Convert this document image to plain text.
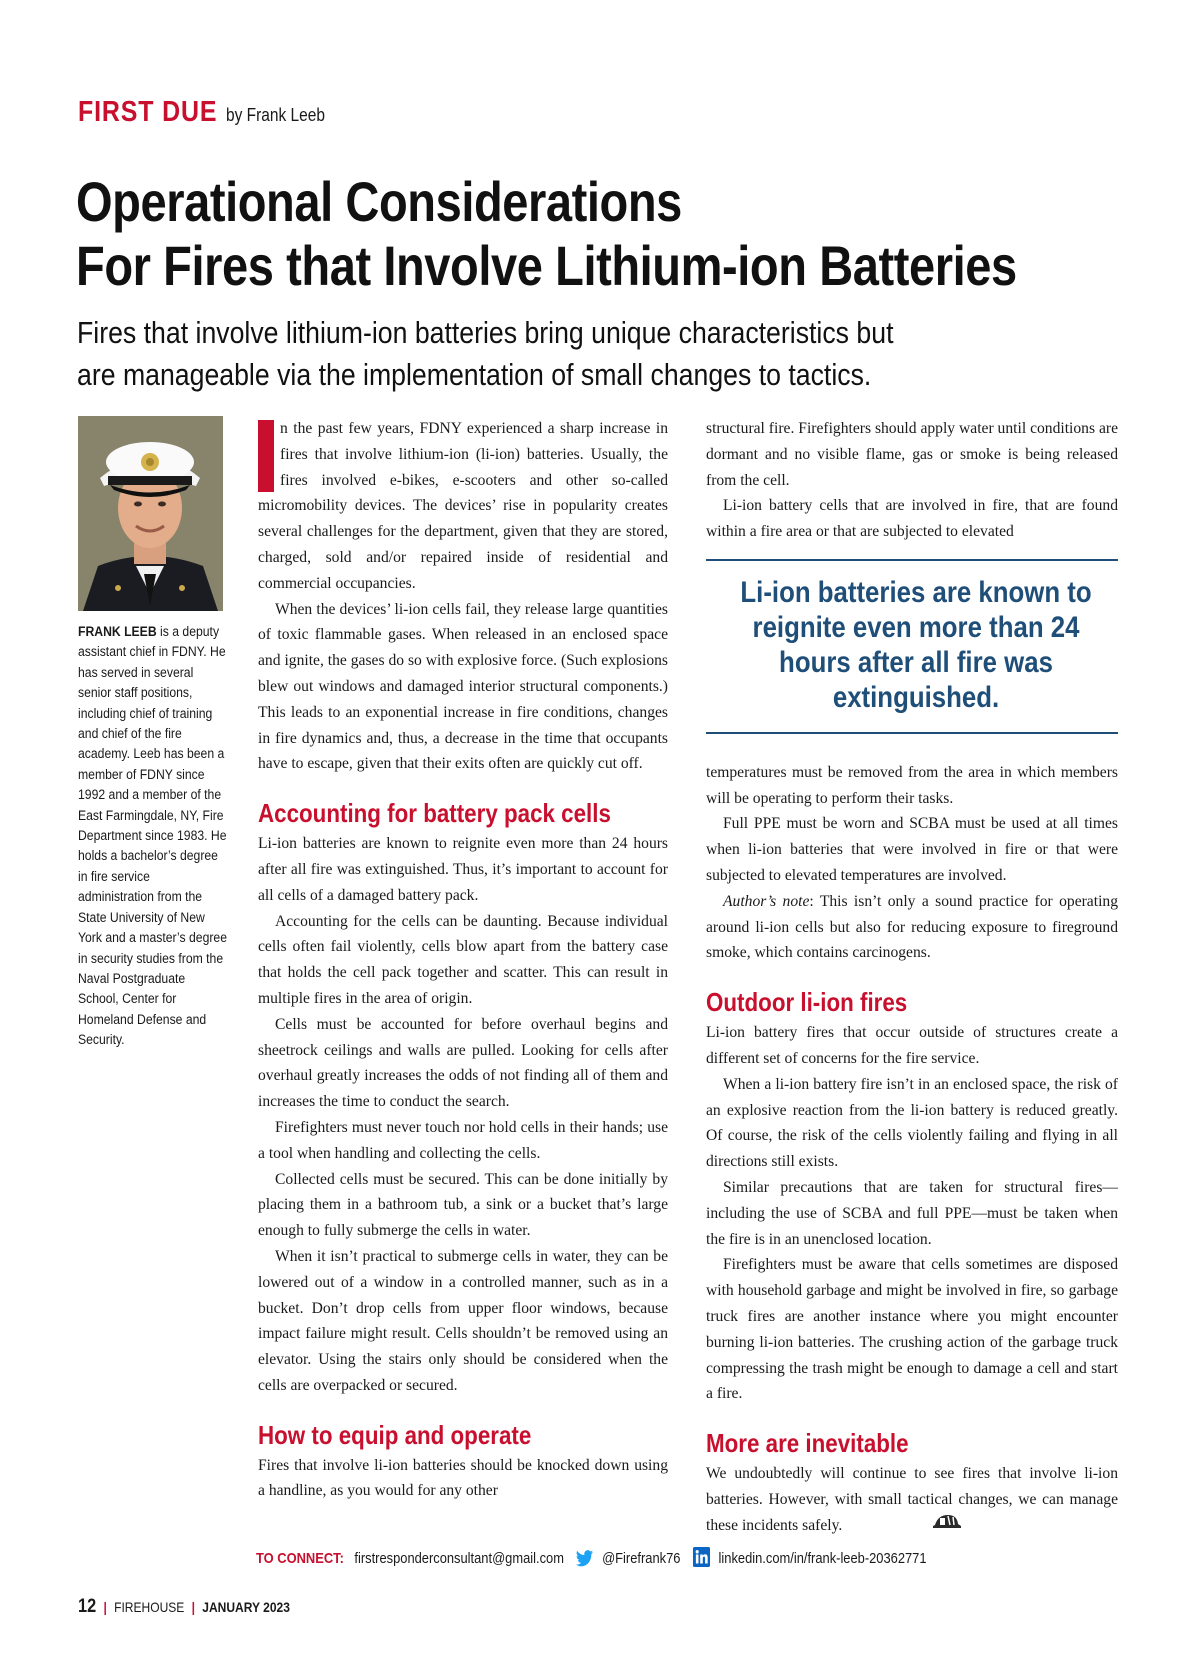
FIRST DUE by Frank Leeb
Operational Considerations
For Fires that Involve Lithium-ion Batteries

Fires that involve lithium-ion batteries bring unique characteristics but
are manageable via the implementation of small changes to tactics.

FRANK LEEB is a deputy assistant chief in FDNY. He has served in several senior staff positions, including chief of training and chief of the fire academy. Leeb has been a member of FDNY since 1992 and a member of the East Farmingdale, NY, Fire Department since 1983. He holds a bachelor’s degree in fire service administration from the State University of New York and a master’s degree in security studies from the Naval Postgraduate School, Center for Homeland Defense and Security.

n the past few years, FDNY experienced a sharp increase in fires that involve lithium-ion (li-ion) batteries. Usually, the fires involved e-bikes, e-scooters and other so-called micromobility devices. The devices’ rise in popularity creates several challenges for the department, given that they are stored, charged, sold and/or repaired inside of residential and commercial occupancies.

When the devices’ li-ion cells fail, they release large quantities of toxic flammable gases. When released in an enclosed space and ignite, the gases do so with explosive force. (Such explosions blew out windows and damaged interior structural components.) This leads to an exponential increase in fire conditions, changes in fire dynamics and, thus, a decrease in the time that occupants have to escape, given that their exits often are quickly cut off.

Accounting for battery pack cells

Li-ion batteries are known to reignite even more than 24 hours after all fire was extinguished. Thus, it’s important to account for all cells of a damaged battery pack.

Accounting for the cells can be daunting. Because individual cells often fail violently, cells blow apart from the battery case that holds the cell pack together and scatter. This can result in multiple fires in the area of origin.

Cells must be accounted for before overhaul begins and sheetrock ceilings and walls are pulled. Looking for cells after overhaul greatly increases the odds of not finding all of them and increases the time to conduct the search.

Firefighters must never touch nor hold cells in their hands; use a tool when handling and collecting the cells.

Collected cells must be secured. This can be done initially by placing them in a bathroom tub, a sink or a bucket that’s large enough to fully submerge the cells in water.

When it isn’t practical to submerge cells in water, they can be lowered out of a window in a controlled manner, such as in a bucket. Don’t drop cells from upper floor windows, because impact failure might result. Cells shouldn’t be removed using an elevator. Using the stairs only should be considered when the cells are overpacked or secured.

How to equip and operate

Fires that involve li-ion batteries should be knocked down using a handline, as you would for any other

structural fire. Firefighters should apply water until conditions are dormant and no visible flame, gas or smoke is being released from the cell.

Li-ion battery cells that are involved in fire, that are found within a fire area or that are subjected to elevated

Li-ion batteries are known to reignite even more than 24 hours after all fire was extinguished.

temperatures must be removed from the area in which members will be operating to perform their tasks.

Full PPE must be worn and SCBA must be used at all times when li-ion batteries that were involved in fire or that were subjected to elevated temperatures are involved.

Author’s note: This isn’t only a sound practice for operating around li-ion cells but also for reducing exposure to fireground smoke, which contains carcinogens.

Outdoor li-ion fires

Li-ion battery fires that occur outside of structures create a different set of concerns for the fire service.

When a li-ion battery fire isn’t in an enclosed space, the risk of an explosive reaction from the li-ion battery is reduced greatly. Of course, the risk of the cells violently failing and flying in all directions still exists.

Similar precautions that are taken for structural fires—including the use of SCBA and full PPE—must be taken when the fire is in an unenclosed location.

Firefighters must be aware that cells sometimes are disposed with household garbage and might be involved in fire, so garbage truck fires are another instance where you might encounter burning li-ion batteries. The crushing action of the garbage truck compressing the trash might be enough to damage a cell and start a fire.

More are inevitable

We undoubtedly will continue to see fires that involve li-ion batteries. However, with small tactical changes, we can manage these incidents safely.

TO CONNECT: firstresponderconsultant@gmail.com	@Firefrank76	linkedin.com/in/frank-leeb-20362771
12 | FIREHOUSE | JANUARY 2023
